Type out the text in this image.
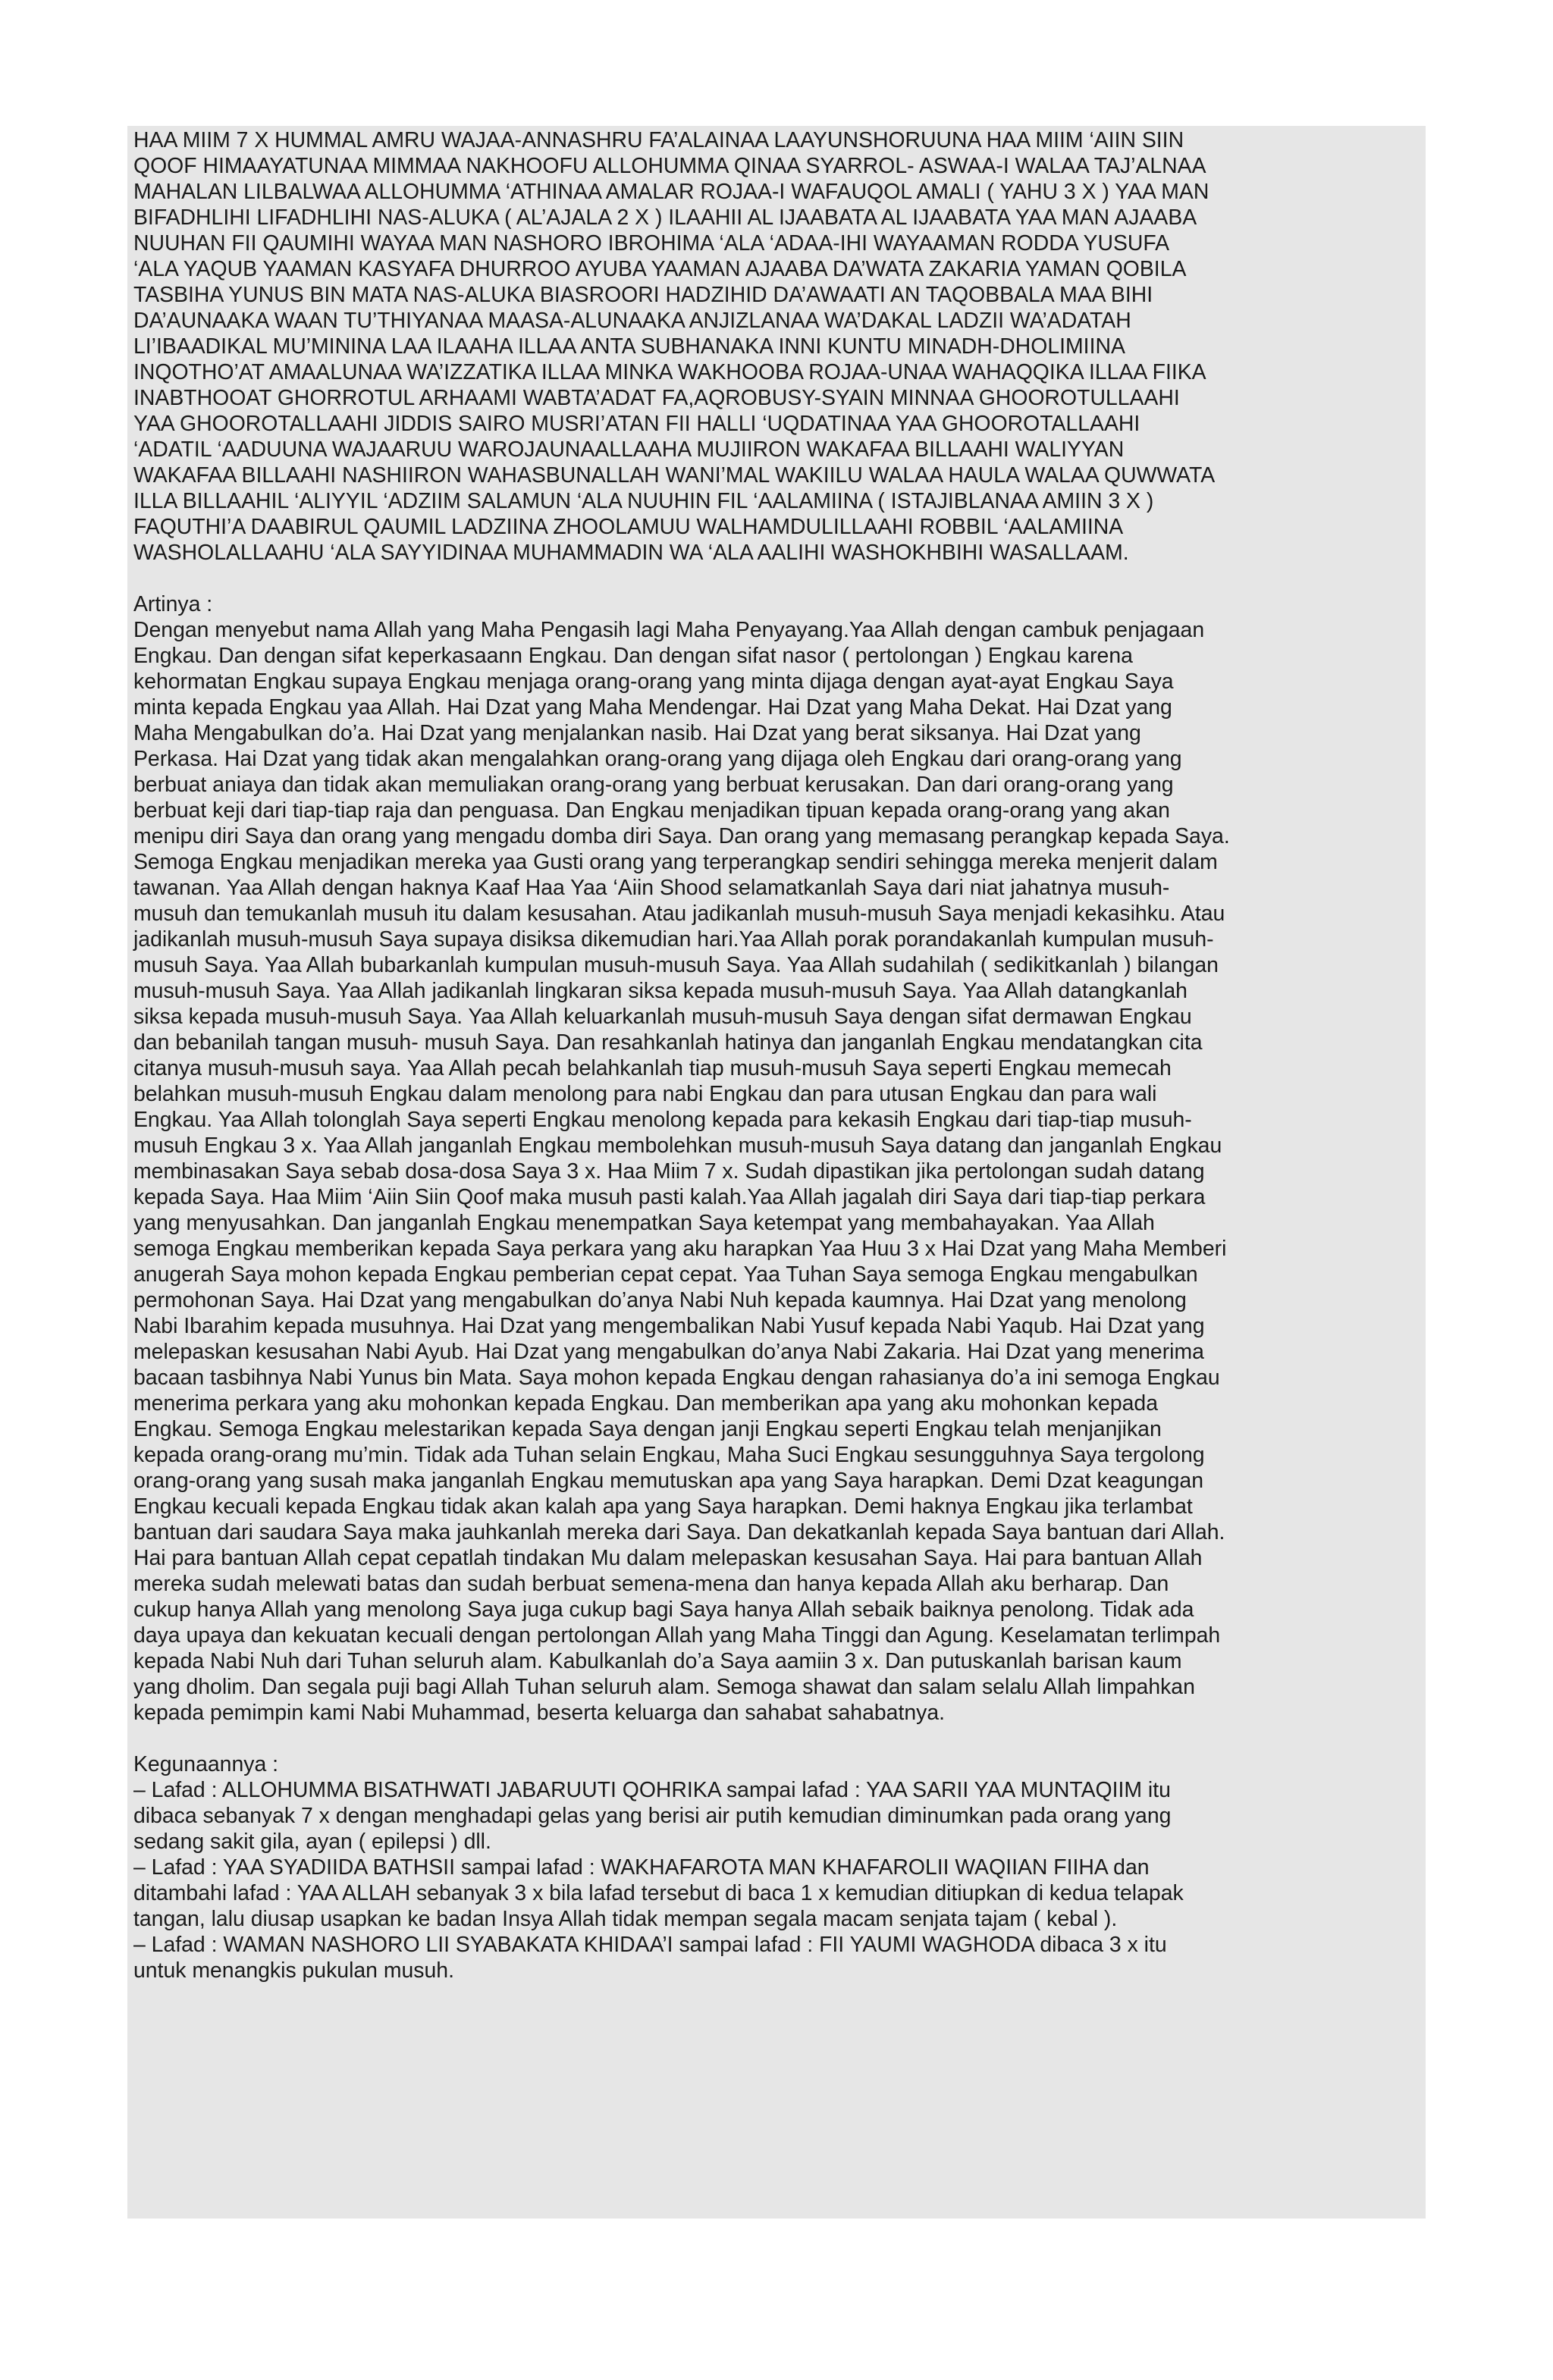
HAA MIIM 7 X HUMMAL AMRU WAJAA-ANNASHRU FA’ALAINAA LAAYUNSHORUUNA HAA MIIM ‘AIIN SIIN
QOOF HIMAAYATUNAA MIMMAA NAKHOOFU ALLOHUMMA QINAA SYARROL- ASWAA-I WALAA TAJ’ALNAA
MAHALAN LILBALWAA ALLOHUMMA ‘ATHINAA AMALAR ROJAA-I WAFAUQOL AMALI ( YAHU 3 X ) YAA MAN
BIFADHLIHI LIFADHLIHI NAS-ALUKA ( AL’AJALA 2 X ) ILAAHII AL IJAABATA AL IJAABATA YAA MAN AJAABA
NUUHAN FII QAUMIHI WAYAA MAN NASHORO IBROHIMA ‘ALA ‘ADAA-IHI WAYAAMAN RODDA YUSUFA
‘ALA YAQUB YAAMAN KASYAFA DHURROO AYUBA YAAMAN AJAABA DA’WATA ZAKARIA YAMAN QOBILA
TASBIHA YUNUS BIN MATA NAS-ALUKA BIASROORI HADZIHID DA’AWAATI AN TAQOBBALA MAA BIHI
DA’AUNAAKA WAAN TU’THIYANAA MAASA-ALUNAAKA ANJIZLANAA WA’DAKAL LADZII WA’ADATAH
LI’IBAADIKAL MU’MININA LAA ILAAHA ILLAA ANTA SUBHANAKA INNI KUNTU MINADH-DHOLIMIINA
INQOTHO’AT AMAALUNAA WA’IZZATIKA ILLAA MINKA WAKHOOBA ROJAA-UNAA WAHAQQIKA ILLAA FIIKA
INABTHOOAT GHORROTUL ARHAAMI WABTA’ADAT FA,AQROBUSY-SYAIN MINNAA GHOOROTULLAAHI
YAA GHOOROTALLAAHI JIDDIS SAIRO MUSRI’ATAN FII HALLI ‘UQDATINAA YAA GHOOROTALLAAHI
‘ADATIL ‘AADUUNA WAJAARUU WAROJAUNAALLAAHA MUJIIRON WAKAFAA BILLAAHI WALIYYAN
WAKAFAA BILLAAHI NASHIIRON WAHASBUNALLAH WANI’MAL WAKIILU WALAA HAULA WALAA QUWWATA
ILLA BILLAAHIL ‘ALIYYIL ‘ADZIIM SALAMUN ‘ALA NUUHIN FIL ‘AALAMIINA ( ISTAJIBLANAA AMIIN 3 X )
FAQUTHI’A DAABIRUL QAUMIL LADZIINA ZHOOLAMUU WALHAMDULILLAAHI ROBBIL ‘AALAMIINA
WASHOLALLAAHU ‘ALA SAYYIDINAA MUHAMMADIN WA ‘ALA AALIHI WASHOKHBIHI WASALLAAM.

Artinya :

Dengan menyebut nama Allah yang Maha Pengasih lagi Maha Penyayang.Yaa Allah dengan cambuk penjagaan
Engkau. Dan dengan sifat keperkasaann Engkau. Dan dengan sifat nasor ( pertolongan ) Engkau karena
kehormatan Engkau supaya Engkau menjaga orang-orang yang minta dijaga dengan ayat-ayat Engkau Saya
minta kepada Engkau yaa Allah. Hai Dzat yang Maha Mendengar. Hai Dzat yang Maha Dekat. Hai Dzat yang
Maha Mengabulkan do’a. Hai Dzat yang menjalankan nasib. Hai Dzat yang berat siksanya. Hai Dzat yang
Perkasa. Hai Dzat yang tidak akan mengalahkan orang-orang yang dijaga oleh Engkau dari orang-orang yang
berbuat aniaya dan tidak akan memuliakan orang-orang yang berbuat kerusakan. Dan dari orang-orang yang
berbuat keji dari tiap-tiap raja dan penguasa. Dan Engkau menjadikan tipuan kepada orang-orang yang akan
menipu diri Saya dan orang yang mengadu domba diri Saya. Dan orang yang memasang perangkap kepada Saya.
Semoga Engkau menjadikan mereka yaa Gusti orang yang terperangkap sendiri sehingga mereka menjerit dalam
tawanan. Yaa Allah dengan haknya Kaaf Haa Yaa ‘Aiin Shood selamatkanlah Saya dari niat jahatnya musuh-
musuh dan temukanlah musuh itu dalam kesusahan. Atau jadikanlah musuh-musuh Saya menjadi kekasihku. Atau
jadikanlah musuh-musuh Saya supaya disiksa dikemudian hari.Yaa Allah porak porandakanlah kumpulan musuh-
musuh Saya. Yaa Allah bubarkanlah kumpulan musuh-musuh Saya. Yaa Allah sudahilah ( sedikitkanlah ) bilangan
musuh-musuh Saya. Yaa Allah jadikanlah lingkaran siksa kepada musuh-musuh Saya. Yaa Allah datangkanlah
siksa kepada musuh-musuh Saya. Yaa Allah keluarkanlah musuh-musuh Saya dengan sifat dermawan Engkau
dan bebanilah tangan musuh- musuh Saya. Dan resahkanlah hatinya dan janganlah Engkau mendatangkan cita
citanya musuh-musuh saya. Yaa Allah pecah belahkanlah tiap musuh-musuh Saya seperti Engkau memecah
belahkan musuh-musuh Engkau dalam menolong para nabi Engkau dan para utusan Engkau dan para wali
Engkau. Yaa Allah tolonglah Saya seperti Engkau menolong kepada para kekasih Engkau dari tiap-tiap musuh-
musuh Engkau 3 x. Yaa Allah janganlah Engkau membolehkan musuh-musuh Saya datang dan janganlah Engkau
membinasakan Saya sebab dosa-dosa Saya 3 x. Haa Miim 7 x. Sudah dipastikan jika pertolongan sudah datang
kepada Saya. Haa Miim ‘Aiin Siin Qoof maka musuh pasti kalah.Yaa Allah jagalah diri Saya dari tiap-tiap perkara
yang menyusahkan. Dan janganlah Engkau menempatkan Saya ketempat yang membahayakan. Yaa Allah
semoga Engkau memberikan kepada Saya perkara yang aku harapkan Yaa Huu 3 x Hai Dzat yang Maha Memberi
anugerah Saya mohon kepada Engkau pemberian cepat cepat. Yaa Tuhan Saya semoga Engkau mengabulkan
permohonan Saya. Hai Dzat yang mengabulkan do’anya Nabi Nuh kepada kaumnya. Hai Dzat yang menolong
Nabi Ibarahim kepada musuhnya. Hai Dzat yang mengembalikan Nabi Yusuf kepada Nabi Yaqub. Hai Dzat yang
melepaskan kesusahan Nabi Ayub. Hai Dzat yang mengabulkan do’anya Nabi Zakaria. Hai Dzat yang menerima
bacaan tasbihnya Nabi Yunus bin Mata. Saya mohon kepada Engkau dengan rahasianya do’a ini semoga Engkau
menerima perkara yang aku mohonkan kepada Engkau. Dan memberikan apa yang aku mohonkan kepada
Engkau. Semoga Engkau melestarikan kepada Saya dengan janji Engkau seperti Engkau telah menjanjikan
kepada orang-orang mu’min. Tidak ada Tuhan selain Engkau, Maha Suci Engkau sesungguhnya Saya tergolong
orang-orang yang susah maka janganlah Engkau memutuskan apa yang Saya harapkan. Demi Dzat keagungan
Engkau kecuali kepada Engkau tidak akan kalah apa yang Saya harapkan. Demi haknya Engkau jika terlambat
bantuan dari saudara Saya maka jauhkanlah mereka dari Saya. Dan dekatkanlah kepada Saya bantuan dari Allah.
Hai para bantuan Allah cepat cepatlah tindakan Mu dalam melepaskan kesusahan Saya. Hai para bantuan Allah
mereka sudah melewati batas dan sudah berbuat semena-mena dan hanya kepada Allah aku berharap. Dan
cukup hanya Allah yang menolong Saya juga cukup bagi Saya hanya Allah sebaik baiknya penolong. Tidak ada
daya upaya dan kekuatan kecuali dengan pertolongan Allah yang Maha Tinggi dan Agung. Keselamatan terlimpah
kepada Nabi Nuh dari Tuhan seluruh alam. Kabulkanlah do’a Saya aamiin 3 x. Dan putuskanlah barisan kaum
yang dholim. Dan segala puji bagi Allah Tuhan seluruh alam. Semoga shawat dan salam selalu Allah limpahkan
kepada pemimpin kami Nabi Muhammad, beserta keluarga dan sahabat sahabatnya.

Kegunaannya :

– Lafad : ALLOHUMMA BISATHWATI JABARUUTI QOHRIKA sampai lafad : YAA SARII YAA MUNTAQIIM itu
dibaca sebanyak 7 x dengan menghadapi gelas yang berisi air putih kemudian diminumkan pada orang yang
sedang sakit gila, ayan ( epilepsi ) dll.

– Lafad : YAA SYADIIDA BATHSII sampai lafad : WAKHAFAROTA MAN KHAFAROLII WAQIIAN FIIHA dan
ditambahi lafad : YAA ALLAH sebanyak 3 x bila lafad tersebut di baca 1 x kemudian ditiupkan di kedua telapak
tangan, lalu diusap usapkan ke badan Insya Allah tidak mempan segala macam senjata tajam ( kebal ).

– Lafad : WAMAN NASHORO LII SYABAKATA KHIDAA’I sampai lafad : FII YAUMI WAGHODA dibaca 3 x itu
untuk menangkis pukulan musuh.
